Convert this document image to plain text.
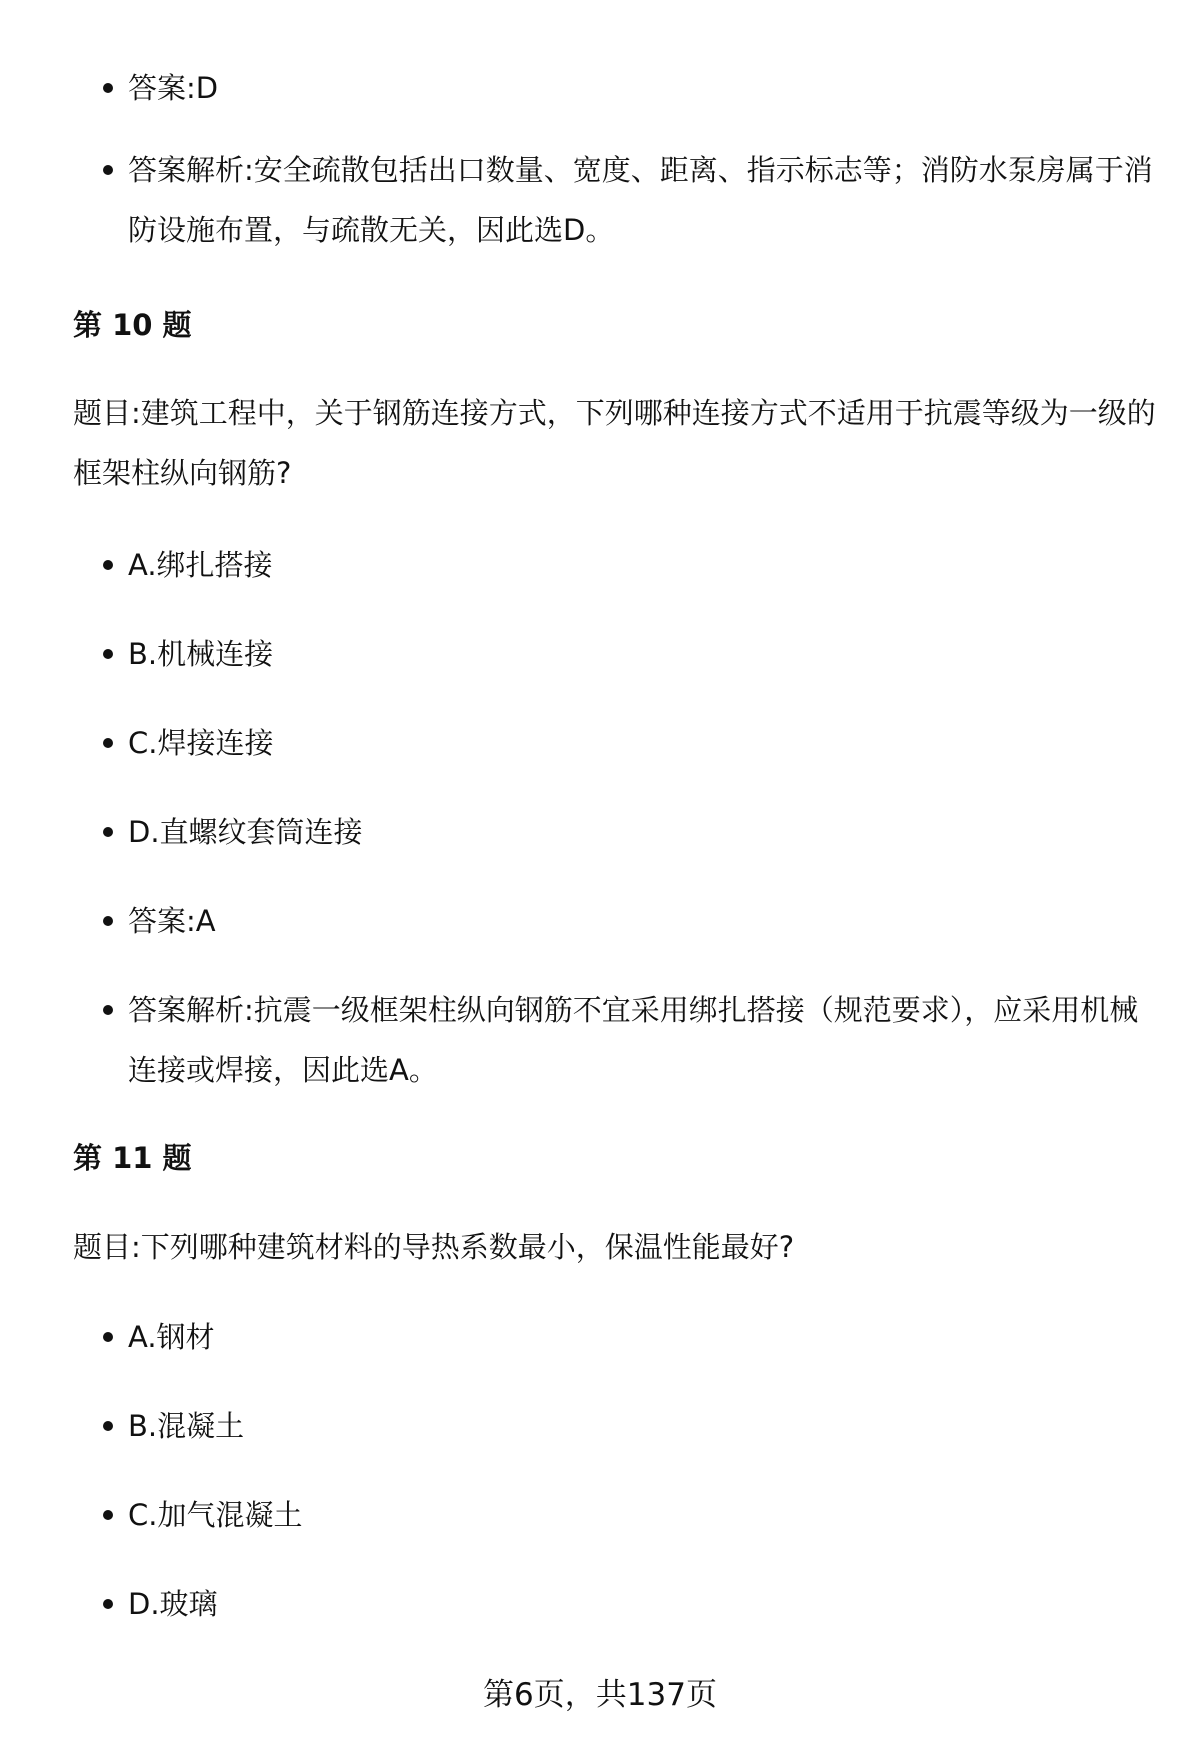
答案:D
答案解析:安全疏散包括出口数量、宽度、距离、指示标志等；消防水泵房属于消防设施布置，与疏散无关，因此选D。
第 10 题

题目:建筑工程中，关于钢筋连接方式，下列哪种连接方式不适用于抗震等级为一级的框架柱纵向钢筋?

A.绑扎搭接
B.机械连接
C.焊接连接
D.直螺纹套筒连接
答案:A
答案解析:抗震一级框架柱纵向钢筋不宜采用绑扎搭接（规范要求），应采用机械连接或焊接，因此选A。
第 11 题

题目:下列哪种建筑材料的导热系数最小，保温性能最好?

A.钢材
B.混凝土
C.加气混凝土
D.玻璃
第6页，共137页
